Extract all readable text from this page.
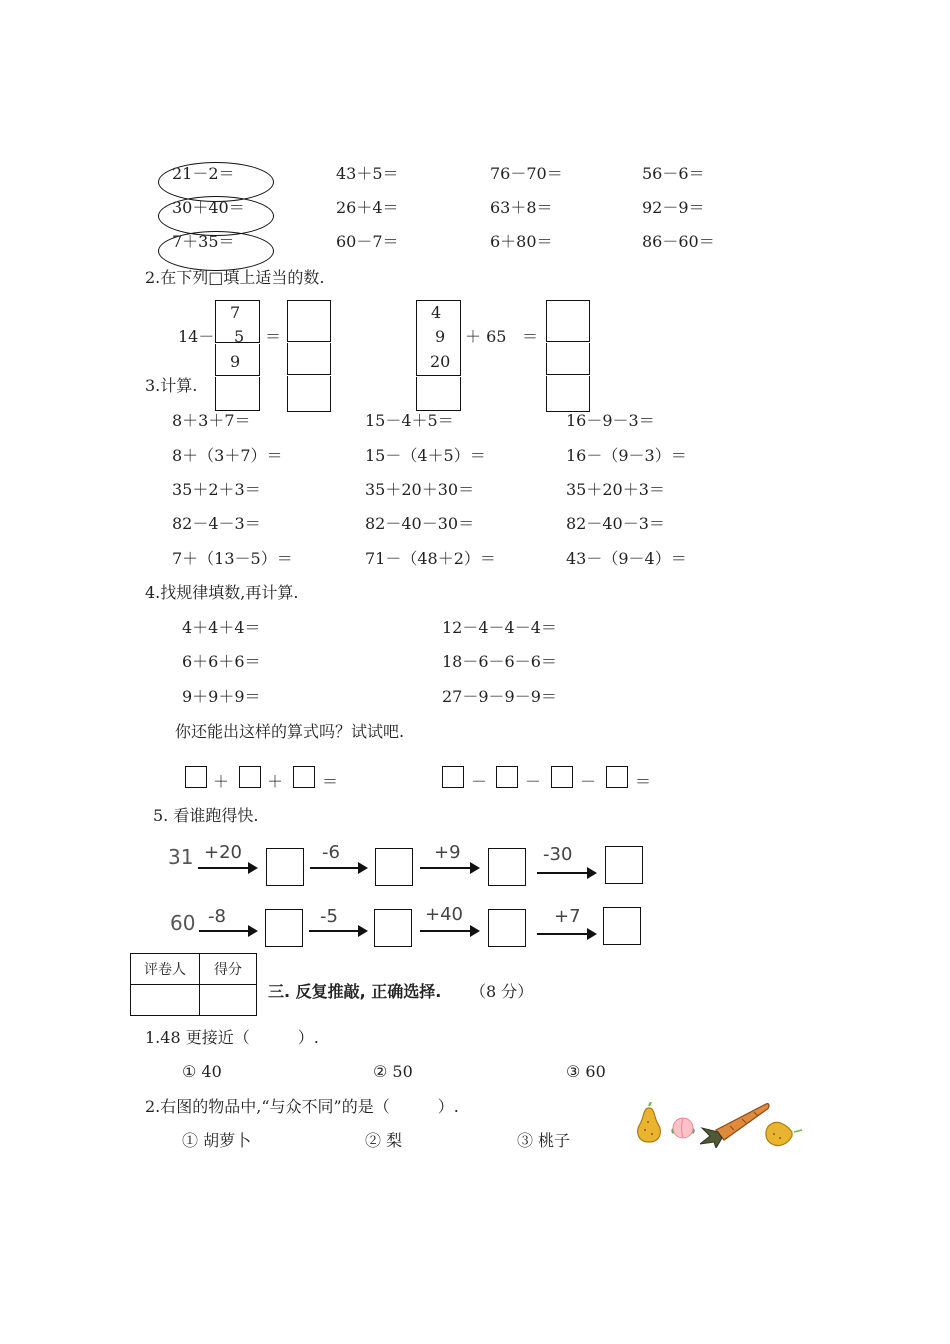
21－2＝	43＋5＝	76－70＝	56－6＝
30＋40＝	26＋4＝	63＋8＝	92－9＝
7＋35＝	60－7＝	6＋80＝	86－60＝
2.在下列□填上适当的数.
14－
7
5
9
＝
4
9
20
＋ 65 ＝
3.计算.
8＋3＋7＝	15－4＋5＝	16－9－3＝
8＋（3＋7）＝	15－（4＋5）＝	16－（9－3）＝
35＋2＋3＝	35＋20＋30＝	35＋20＋3＝
82－4－3＝	82－40－30＝	82－40－3＝
7＋（13－5）＝	71－（48＋2）＝	43－（9－4）＝
4.找规律填数,再计算.
4＋4＋4＝	12－4－4－4＝
6＋6＋6＝	18－6－6－6＝
9＋9＋9＝	27－9－9－9＝
你还能出这样的算式吗？试试吧.
＋ ＋ ＝	－ － － ＝
5. 看谁跑得快.
31 +20	-6	+9	-30
60 -8	-5	+40	+7
评卷人	得分

三. 反复推敲, 正确选择. （8 分）
1.48 更接近（　　　）.
① 40	② 50	③ 60
2.右图的物品中,“与众不同”的是（　　　）.
① 胡萝卜	② 梨	③ 桃子
